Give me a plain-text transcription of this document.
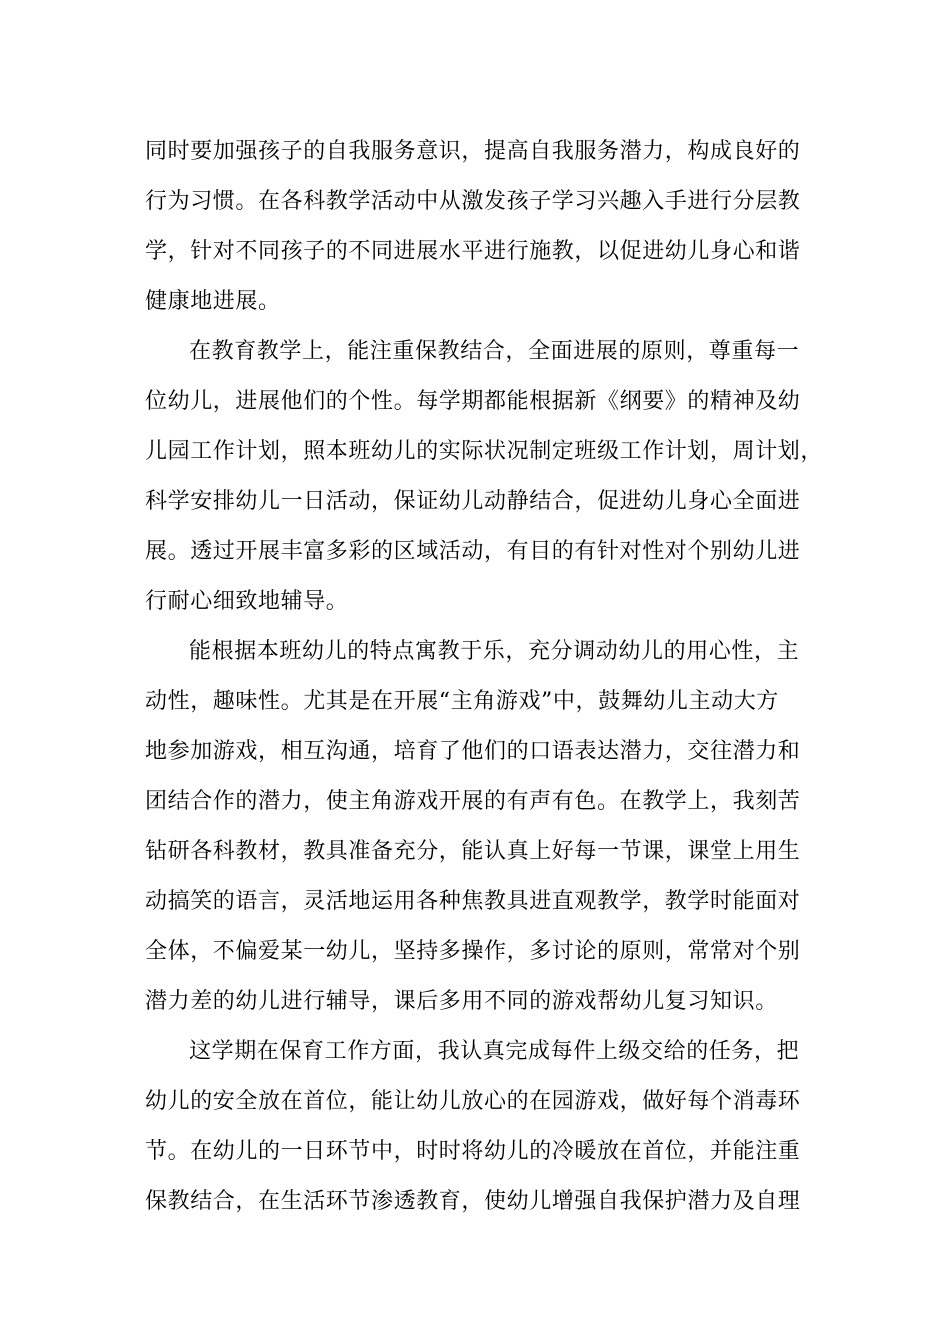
同时要加强孩子的自我服务意识，提高自我服务潜力，构成良好的
行为习惯。在各科教学活动中从激发孩子学习兴趣入手进行分层教
学，针对不同孩子的不同进展水平进行施教，以促进幼儿身心和谐
健康地进展。
在教育教学上，能注重保教结合，全面进展的原则，尊重每一
位幼儿，进展他们的个性。每学期都能根据新《纲要》的精神及幼
儿园工作计划，照本班幼儿的实际状况制定班级工作计划，周计划，
科学安排幼儿一日活动，保证幼儿动静结合，促进幼儿身心全面进
展。透过开展丰富多彩的区域活动，有目的有针对性对个别幼儿进
行耐心细致地辅导。
能根据本班幼儿的特点寓教于乐，充分调动幼儿的用心性，主
动性，趣味性。尤其是在开展“主角游戏”中，鼓舞幼儿主动大方
地参加游戏，相互沟通，培育了他们的口语表达潜力，交往潜力和
团结合作的潜力，使主角游戏开展的有声有色。在教学上，我刻苦
钻研各科教材，教具准备充分，能认真上好每一节课，课堂上用生
动搞笑的语言，灵活地运用各种焦教具进直观教学，教学时能面对
全体，不偏爱某一幼儿，坚持多操作，多讨论的原则，常常对个别
潜力差的幼儿进行辅导，课后多用不同的游戏帮幼儿复习知识。
这学期在保育工作方面，我认真完成每件上级交给的任务，把
幼儿的安全放在首位，能让幼儿放心的在园游戏，做好每个消毒环
节。在幼儿的一日环节中，时时将幼儿的冷暖放在首位，并能注重
保教结合，在生活环节渗透教育，使幼儿增强自我保护潜力及自理
